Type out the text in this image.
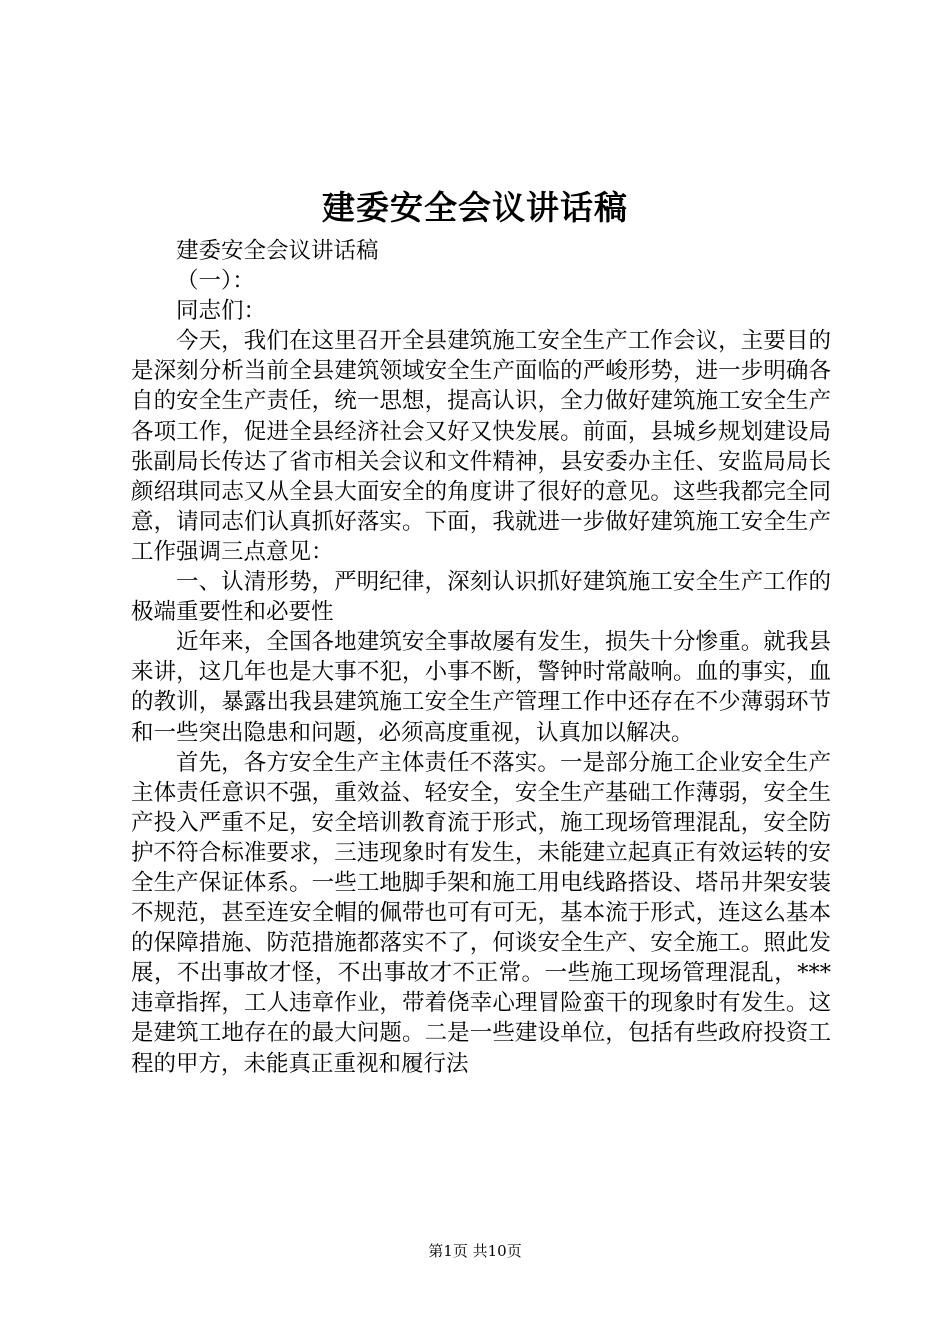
建委安全会议讲话稿

建委安全会议讲话稿

（一）：

同志们：

今天，我们在这里召开全县建筑施工安全生产工作会议，主要目的是深刻分析当前全县建筑领域安全生产面临的严峻形势，进一步明确各自的安全生产责任，统一思想，提高认识，全力做好建筑施工安全生产各项工作，促进全县经济社会又好又快发展。前面，县城乡规划建设局张副局长传达了省市相关会议和文件精神，县安委办主任、安监局局长颜绍琪同志又从全县大面安全的角度讲了很好的意见。这些我都完全同意，请同志们认真抓好落实。下面，我就进一步做好建筑施工安全生产工作强调三点意见：

一、认清形势，严明纪律，深刻认识抓好建筑施工安全生产工作的极端重要性和必要性

近年来，全国各地建筑安全事故屡有发生，损失十分惨重。就我县来讲，这几年也是大事不犯，小事不断，警钟时常敲响。血的事实，血的教训，暴露出我县建筑施工安全生产管理工作中还存在不少薄弱环节和一些突出隐患和问题，必须高度重视，认真加以解决。

首先，各方安全生产主体责任不落实。一是部分施工企业安全生产主体责任意识不强，重效益、轻安全，安全生产基础工作薄弱，安全生产投入严重不足，安全培训教育流于形式，施工现场管理混乱，安全防护不符合标准要求，三违现象时有发生，未能建立起真正有效运转的安全生产保证体系。一些工地脚手架和施工用电线路搭设、塔吊井架安装不规范，甚至连安全帽的佩带也可有可无，基本流于形式，连这么基本的保障措施、防范措施都落实不了，何谈安全生产、安全施工。照此发展，不出事故才怪，不出事故才不正常。一些施工现场管理混乱，***违章指挥，工人违章作业，带着侥幸心理冒险蛮干的现象时有发生。这是建筑工地存在的最大问题。二是一些建设单位，包括有些政府投资工程的甲方，未能真正重视和履行法

第1页 共10页
